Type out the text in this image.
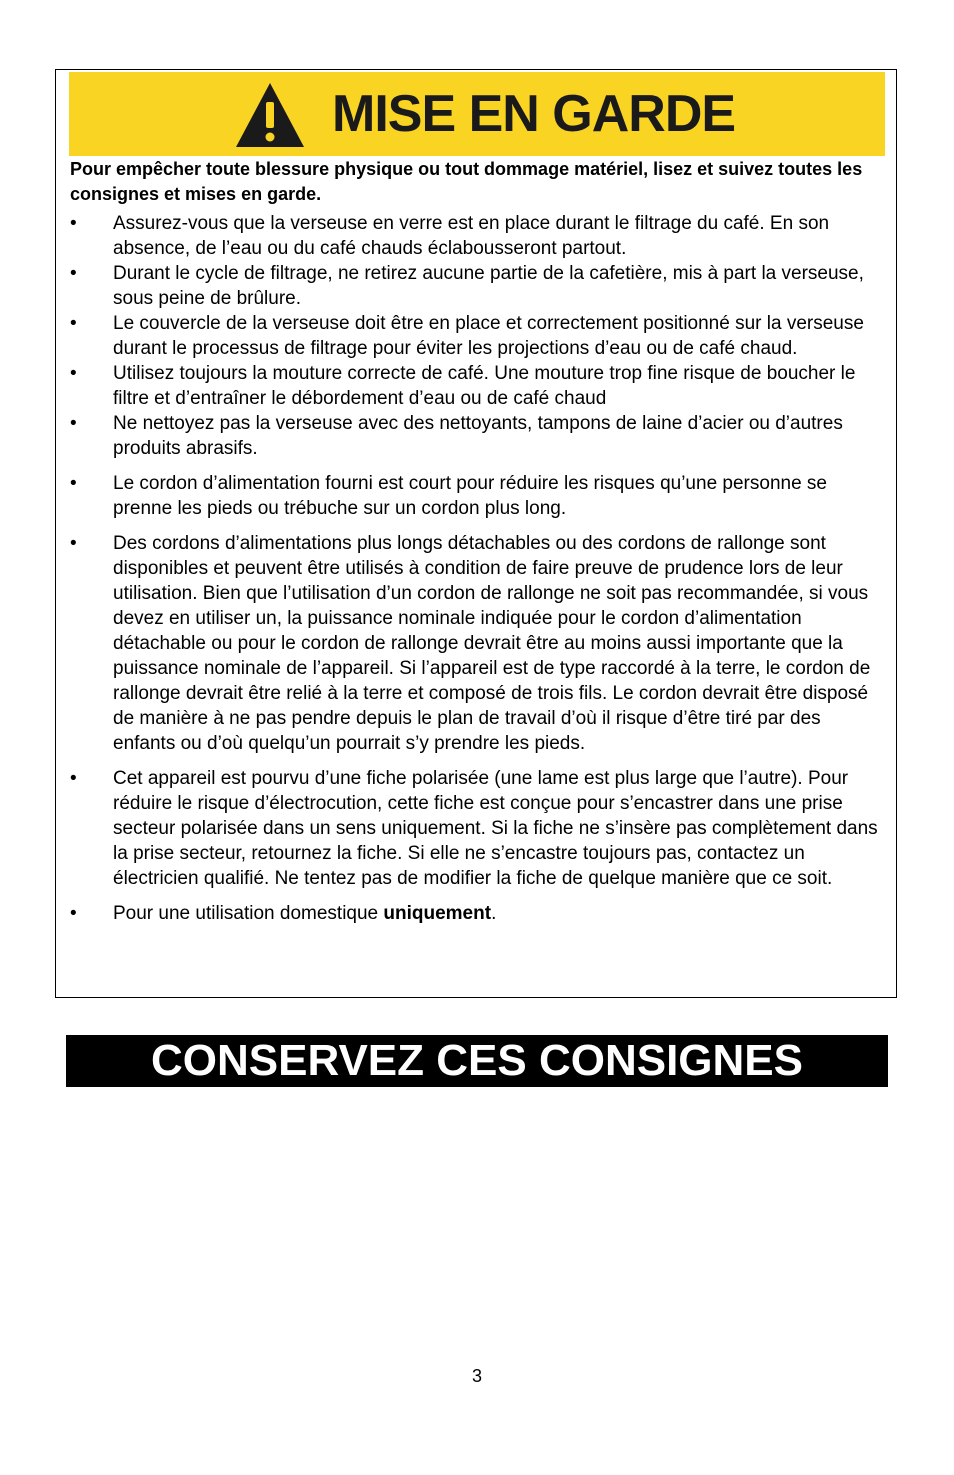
MISE EN GARDE
Pour empêcher toute blessure physique ou tout dommage matériel, lisez et suivez toutes les consignes et mises en garde.
• Assurez-vous que la verseuse en verre est en place durant le filtrage du café. En son absence, de l’eau ou du café chauds éclabousseront partout.
• Durant le cycle de filtrage, ne retirez aucune partie de la cafetière, mis à part la verseuse, sous peine de brûlure.
• Le couvercle de la verseuse doit être en place et correctement positionné sur la verseuse durant le processus de filtrage pour éviter les projections d’eau ou de café chaud.
• Utilisez toujours la mouture correcte de café. Une mouture trop fine risque de boucher le filtre et d’entraîner le débordement d’eau ou de café chaud
• Ne nettoyez pas la verseuse avec des nettoyants, tampons de laine d’acier ou d’autres produits abrasifs.
• Le cordon d’alimentation fourni est court pour réduire les risques qu’une personne se prenne les pieds ou trébuche sur un cordon plus long.
• Des cordons d’alimentations plus longs détachables ou des cordons de rallonge sont disponibles et peuvent être utilisés à condition de faire preuve de prudence lors de leur utilisation. Bien que l’utilisation d’un cordon de rallonge ne soit pas recommandée, si vous devez en utiliser un, la puissance nominale indiquée pour le cordon d’alimentation détachable ou pour le cordon de rallonge devrait être au moins aussi importante que la puissance nominale de l’appareil. Si l’appareil est de type raccordé à la terre, le cordon de rallonge devrait être relié à la terre et composé de trois fils. Le cordon devrait être disposé de manière à ne pas pendre depuis le plan de travail d’où il risque d’être tiré par des enfants ou d’où quelqu’un pourrait s’y prendre les pieds.
• Cet appareil est pourvu d’une fiche polarisée (une lame est plus large que l’autre). Pour réduire le risque d’électrocution, cette fiche est conçue pour s’encastrer dans une prise secteur polarisée dans un sens uniquement. Si la fiche ne s’insère pas complètement dans la prise secteur, retournez la fiche. Si elle ne s’encastre toujours pas, contactez un électricien qualifié. Ne tentez pas de modifier la fiche de quelque manière que ce soit.
• Pour une utilisation domestique uniquement.
CONSERVEZ CES CONSIGNES
3
